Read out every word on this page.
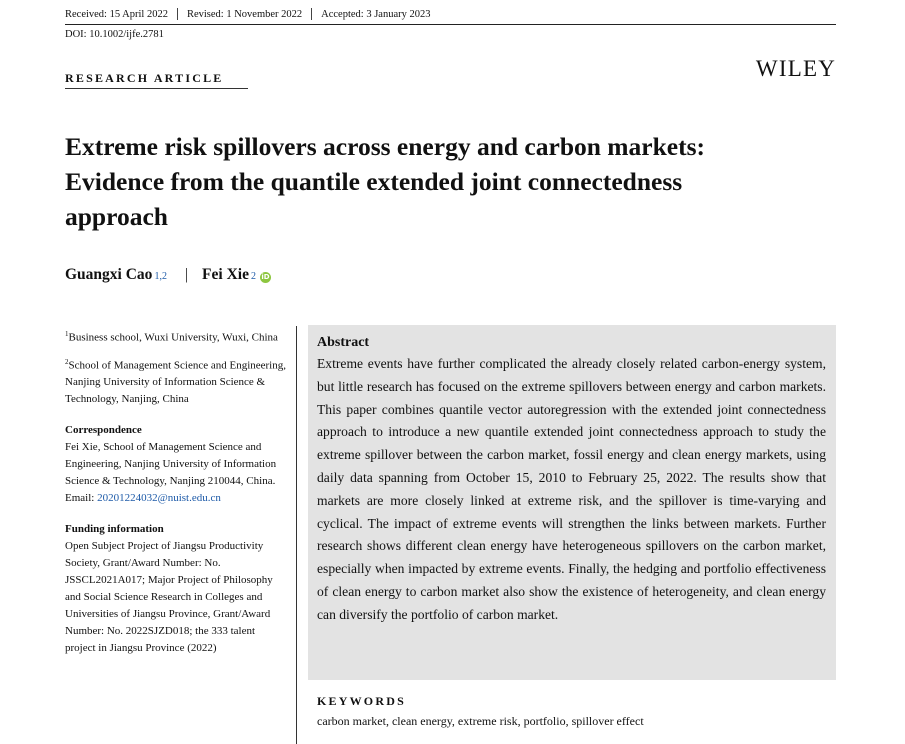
Received: 15 April 2022 Revised: 1 November 2022 Accepted: 3 January 2023
DOI: 10.1002/ijfe.2781
RESEARCH ARTICLE	WILEY
Extreme risk spillovers across energy and carbon markets: Evidence from the quantile extended joint connectedness approach
Guangxi Cao 1,2 | Fei Xie 2 iD

$^1$Business school, Wuxi University, Wuxi, China

$^2$School of Management Science and Engineering, Nanjing University of Information Science & Technology, Nanjing, China

Correspondence

Fei Xie, School of Management Science and Engineering, Nanjing University of Information Science & Technology, Nanjing 210044, China.

Email: 20201224032@nuist.edu.cn

Funding information

Open Subject Project of Jiangsu Productivity Society, Grant/Award Number: No. JSSCL2021A017; Major Project of Philosophy and Social Science Research in Colleges and Universities of Jiangsu Province, Grant/Award Number: No. 2022SJZD018; the 333 talent project in Jiangsu Province (2022)

Abstract

Extreme events have further complicated the already closely related carbon-energy system, but little research has focused on the extreme spillovers between energy and carbon markets. This paper combines quantile vector autoregression with the extended joint connectedness approach to introduce a new quantile extended joint connectedness approach to study the extreme spillover between the carbon market, fossil energy and clean energy markets, using daily data spanning from October 15, 2010 to February 25, 2022. The results show that markets are more closely linked at extreme risk, and the spillover is time-varying and cyclical. The impact of extreme events will strengthen the links between markets. Further research shows different clean energy have heterogeneous spillovers on the carbon market, especially when impacted by extreme events. Finally, the hedging and portfolio effectiveness of clean energy to carbon market also show the existence of heterogeneity, and clean energy can diversify the portfolio of carbon market.

KEYWORDS
carbon market, clean energy, extreme risk, portfolio, spillover effect
